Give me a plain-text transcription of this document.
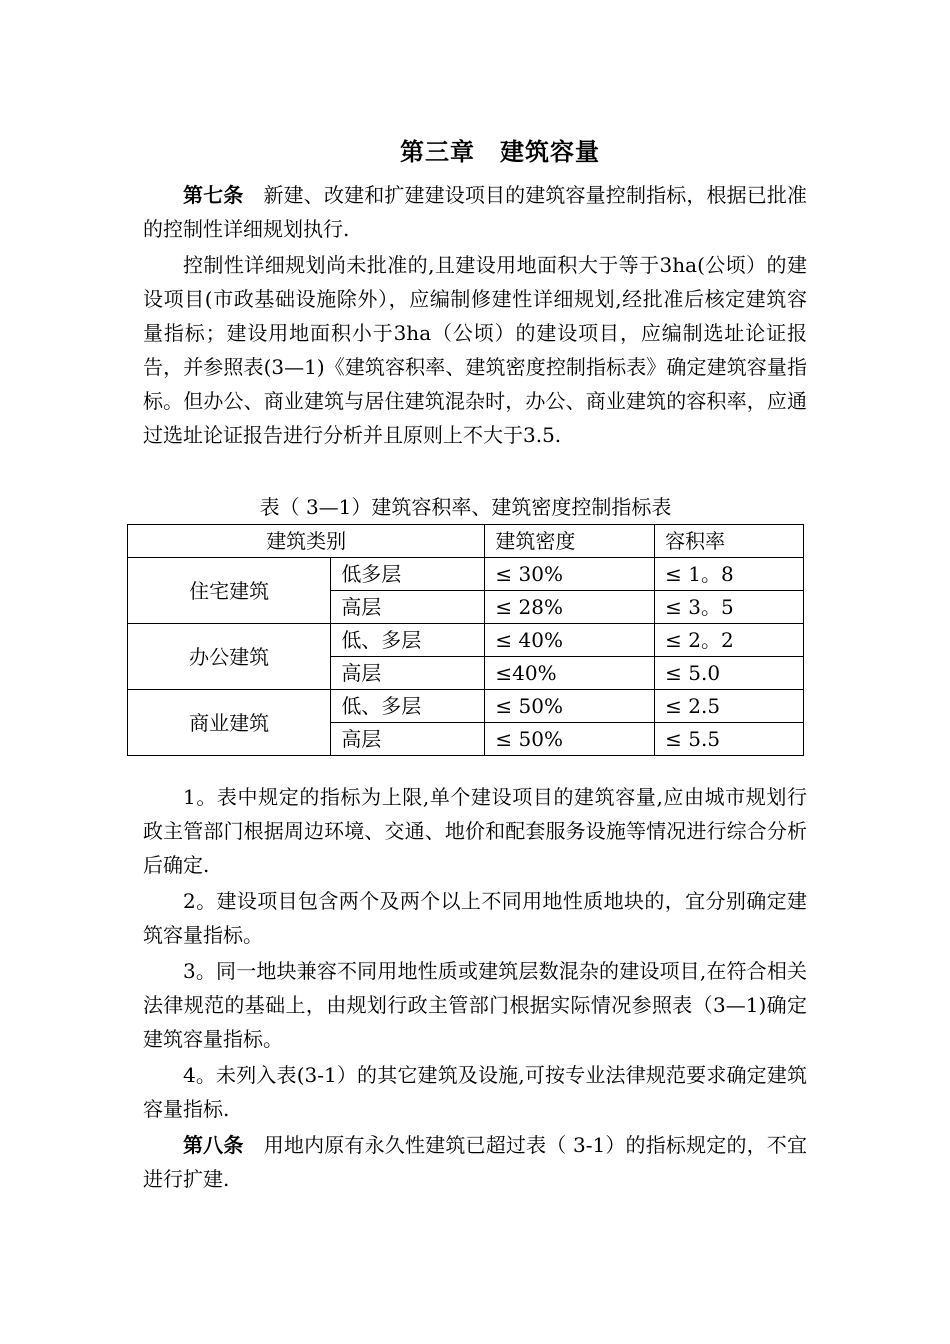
第三章　建筑容量

第七条　新建、改建和扩建建设项目的建筑容量控制指标，根据已批准的控制性详细规划执行.

控制性详细规划尚未批准的,且建设用地面积大于等于3ha(公顷）的建设项目(市政基础设施除外），应编制修建性详细规划,经批准后核定建筑容量指标；建设用地面积小于3ha（公顷）的建设项目，应编制选址论证报告，并参照表(3—1)《建筑容积率、建筑密度控制指标表》确定建筑容量指标。但办公、商业建筑与居住建筑混杂时，办公、商业建筑的容积率，应通过选址论证报告进行分析并且原则上不大于3.5.

表（ 3—1）建筑容积率、建筑密度控制指标表
建筑类别		建筑密度	容积率
住宅建筑	低多层	≤ 30%	≤ 1。8
	高层	≤ 28%	≤ 3。5
办公建筑	低、多层	≤ 40%	≤ 2。2
	高层	≤40%	≤ 5.0
商业建筑	低、多层	≤ 50%	≤ 2.5
	高层	≤ 50%	≤ 5.5

1。表中规定的指标为上限,单个建设项目的建筑容量,应由城市规划行政主管部门根据周边环境、交通、地价和配套服务设施等情况进行综合分析后确定.

2。建设项目包含两个及两个以上不同用地性质地块的，宜分别确定建筑容量指标。

3。同一地块兼容不同用地性质或建筑层数混杂的建设项目,在符合相关法律规范的基础上，由规划行政主管部门根据实际情况参照表（3—1)确定建筑容量指标。

4。未列入表(3-1）的其它建筑及设施,可按专业法律规范要求确定建筑容量指标.

第八条　用地内原有永久性建筑已超过表（ 3-1）的指标规定的，不宜进行扩建.
